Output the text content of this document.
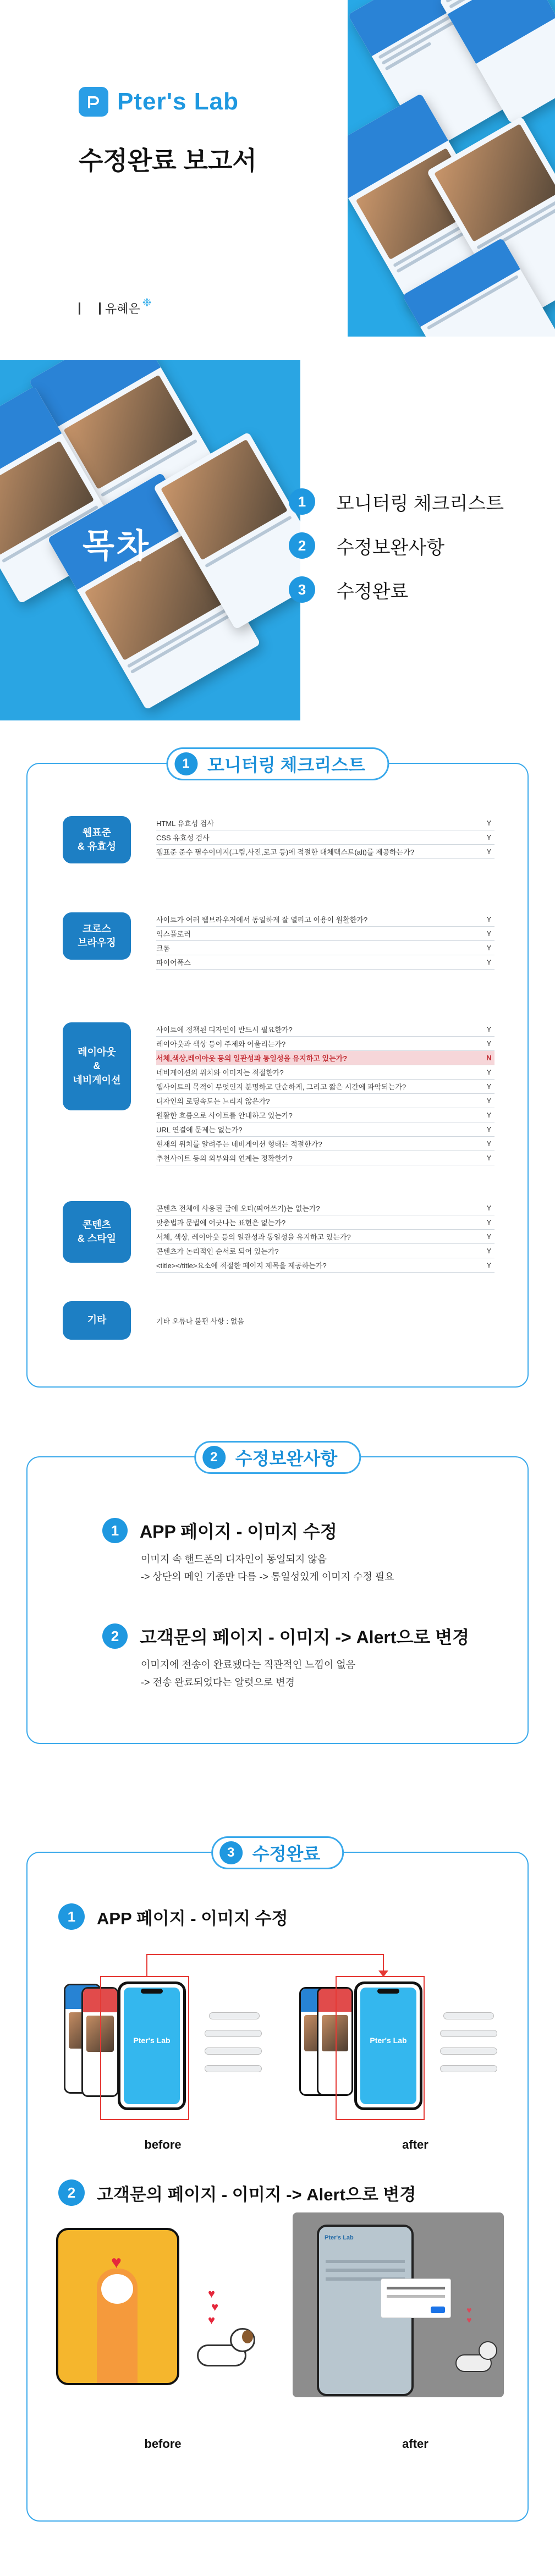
Pter's Lab
수정완료 보고서
유혜은 ❉
목차
1	모니터링 체크리스트
2	수정보완사항
3	수정완료
1	모니터링 체크리스트
웹표준
& 유효성
HTML 유효성 검사	Y
CSS 유효성 검사	Y
웹표준 준수 필수이미지(그림,사진,로고 등)에 적절한 대체텍스트(alt)를 제공하는가?	Y
크로스
브라우징
사이트가 여러 웹브라우저에서 동일하게 잘 열리고 이용이 원활한가?	Y
익스플로러	Y
크롬	Y
파이어폭스	Y
레이아웃
&
네비게이션
사이트에 정책된 디자인이 반드시 필요한가?	Y
레이아웃과 색상 등이 주제와 어울리는가?	Y
서체,색상,레이아웃 등의 일관성과 통일성을 유지하고 있는가?	N
네비게이션의 위치와 이미지는 적절한가?	Y
웹사이트의 목적이 무엇인지 분명하고 단순하게, 그리고 짧은 시간에 파악되는가?	Y
디자인의 로딩속도는 느리지 않은가?	Y
원활한 흐름으로 사이트를 안내하고 있는가?	Y
URL 연결에 문제는 없는가?	Y
현재의 위치를 알려주는 네비게이션 형태는 적절한가?	Y
추천사이트 등의 외부와의 연계는 정확한가?	Y
콘텐츠
& 스타일
콘텐츠 전체에 사용된 글에 오타(띄어쓰기)는 없는가?	Y
맞춤법과 문법에 어긋나는 표현은 없는가?	Y
서체, 색상, 레이아웃 등의 일관성과 통일성을 유지하고 있는가?	Y
콘텐츠가 논리적인 순서로 되어 있는가?	Y
<title></title>요소에 적절한 페이지 제목을 제공하는가?	Y
기타	기타 오류나 불편 사항 : 없음
2	수정보완사항
1	APP 페이지 - 이미지 수정
이미지 속 핸드폰의 디자인이 통일되지 않음
-> 상단의 메인 기종만 다름 -> 통일성있게 이미지 수정 필요
2	고객문의 페이지 - 이미지 -> Alert으로 변경
이미지에 전송이 완료됐다는 직관적인 느낌이 없음
-> 전송 완료되었다는 알럿으로 변경
3	수정완료
1	APP 페이지 - 이미지 수정
Pter's Lab
before
Pter's Lab
after
2	고객문의 페이지 - 이미지 -> Alert으로 변경
♥
♥
♥
♥
before
Pter's Lab
♥
♥
after
